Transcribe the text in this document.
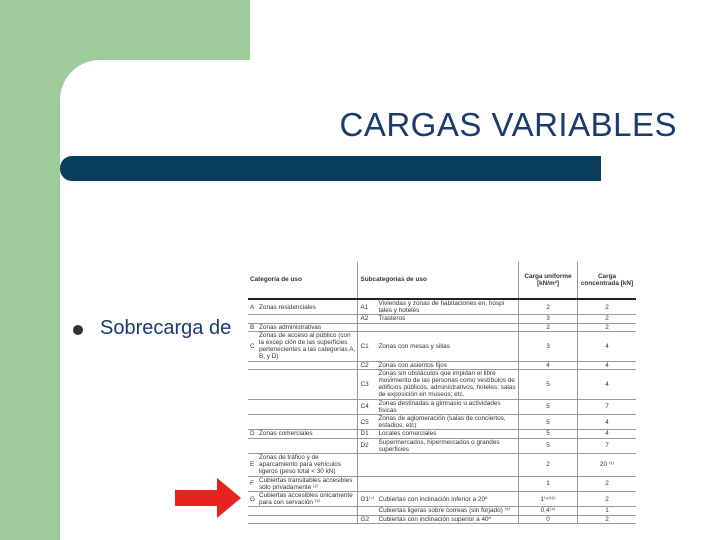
CARGAS VARIABLES
Sobrecarga de
Categoría de uso		Subcategorías de uso		Carga uniforme [kN/m²]	Carga concentrada [kN]
A	Zonas residenciales	A1	Viviendas y zonas de habitaciones en, hospi tales y hoteles	2	2
		A2	Trasteros	3	2
B	Zonas administrativas			2	2
C	Zonas de acceso al público (con la excep ción de las superficies pertenecientes a las categorías A, B, y D)	C1	Zonas con mesas y sillas	3	4
		C2	Zonas con asientos fijos	4	4
		C3	Zonas sin obstáculos que impidan el libre movimiento de las personas como vestíbulos de edificios públicos, administrativos, hoteles; salas de exposición en museos; etc.	5	4
		C4	Zonas destinadas a gimnasio u actividades físicas	5	7
		C5	Zonas de aglomeración (salas de conciertos, estadios, etc)	5	4
D	Zonas comerciales	D1	Locales comerciales	5	4
		D2	Supermercados, hipermercados o grandes superficies	5	7
E	Zonas de tráfico y de aparcamiento para vehículos ligeros (peso total < 30 kN)			2	20 ⁽¹⁾
F	Cubiertas transitables accesibles sólo privadamente ⁽²⁾			1	2
G	Cubiertas accesibles únicamente para con servación ⁽³⁾	G1⁽⁷⁾	Cubiertas con inclinación inferior a 20º	1⁽⁴⁾⁽⁶⁾	2
			Cubiertas ligeras sobre correas (sin forjado) ⁽⁵⁾	0,4⁽⁴⁾	1
		G2	Cubiertas con inclinación superior a 40º	0	2
